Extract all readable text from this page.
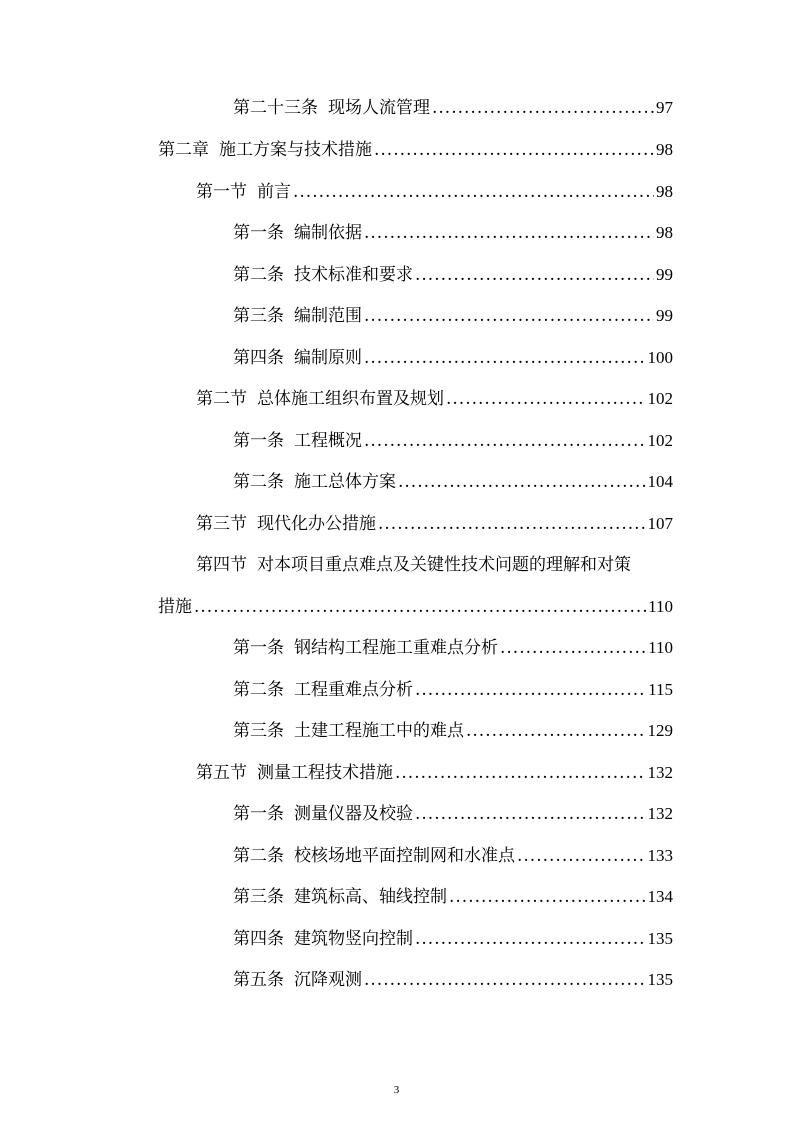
第二十三条 现场人流管理 .....	97
第二章 施工方案与技术措施 .....	98
第一节 前言 .....	98
第一条 编制依据 .....	98
第二条 技术标准和要求 .....	99
第三条 编制范围 .....	99
第四条 编制原则 .....	100
第二节 总体施工组织布置及规划 .....	102
第一条 工程概况 .....	102
第二条 施工总体方案 .....	104
第三节 现代化办公措施 .....	107
第四节 对本项目重点难点及关键性技术问题的理解和对策
措施 .....	110
第一条 钢结构工程施工重难点分析 .....	110
第二条 工程重难点分析 .....	115
第三条 土建工程施工中的难点 .....	129
第五节 测量工程技术措施 .....	132
第一条 测量仪器及校验 .....	132
第二条 校核场地平面控制网和水准点 .....	133
第三条 建筑标高、轴线控制 .....	134
第四条 建筑物竖向控制 .....	135
第五条 沉降观测 .....	135
3
